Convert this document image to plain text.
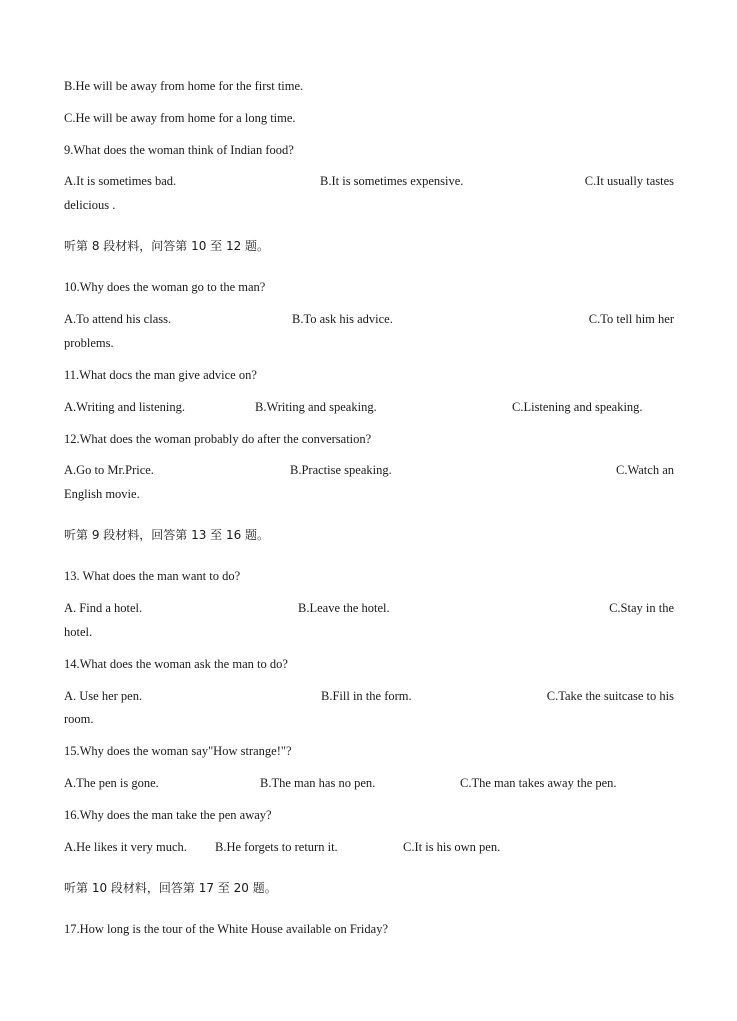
B.He will be away from home for the first time.
C.He will be away from home for a long time.
9.What does the woman think of Indian food?
A.It is sometimes bad.	B.It is sometimes expensive.	C.It usually tastes
delicious .
听第 8 段材料，问答第 10 至 12 题。
10.Why does the woman go to the man?
A.To attend his class.	B.To ask his advice.	C.To tell him her
problems.
11.What docs the man give advice on?
A.Writing and listening.	B.Writing and speaking.	C.Listening and speaking.
12.What does the woman probably do after the conversation?
A.Go to Mr.Price.	B.Practise speaking.	C.Watch an
English movie.
听第 9 段材料，回答第 13 至 16 题。
13. What does the man want to do?
A. Find a hotel.	B.Leave the hotel.	C.Stay in the
hotel.
14.What does the woman ask the man to do?
A. Use her pen.	B.Fill in the form.	C.Take the suitcase to his
room.
15.Why does the woman say"How strange!"?
A.The pen is gone.	B.The man has no pen.	C.The man takes away the pen.
16.Why does the man take the pen away?
A.He likes it very much. B.He forgets to return it.	C.It is his own pen.
听第 10 段材料，回答第 17 至 20 题。
17.How long is the tour of the White House available on Friday?
